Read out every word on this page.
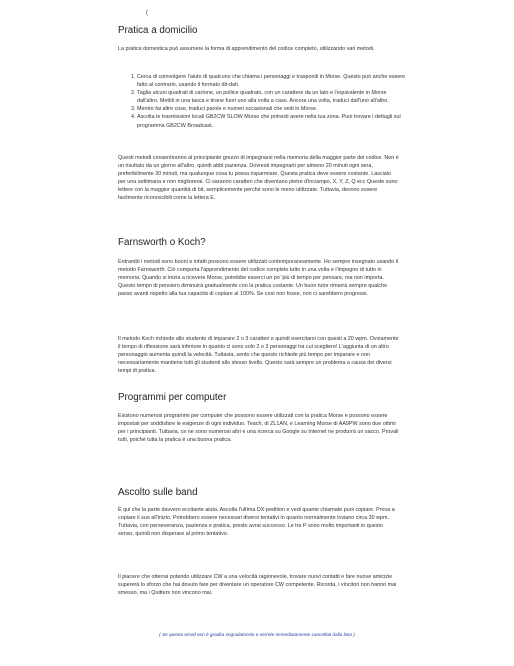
(
Pratica a domicilio

La pratica domestica può assumere la forma di apprendimento del codice completo, utilizzando vari metodi.

1. Cerca di coinvolgere l'aiuto di qualcuno che chiama i personaggi e trasponili in Morse. Questo può anche essere fatto al contrario, usando il formato dit-dah.
2. Taglia alcuni quadrati di cartone, un pollice quadrato, con un carattere da un lato e l'equivalente in Morse dall'altro. Mettili in una tasca e tirane fuori uno alla volta a caso. Ancora una volta, traduci dall'uno all'altro.
3. Mentre fai altre cose, traduci parole e numeri occasionali che vedi in Morse.
4. Ascolta le trasmissioni locali GB2CW SLOW Morse che potresti avere nella tua zona. Puoi trovare i dettagli sul programma GB2CW Broadcast.

Questi metodi consentiranno al principiante grezzo di impegnarsi nella memoria della maggior parte del codice. Non è un risultato da un giorno all'altro, quindi abbi pazienza. Dovresti impegnarti per almeno 20 minuti ogni sera, preferibilmente 30 minuti, ma qualunque cosa tu possa risparmiare. Questa pratica deve essere costante. Lascialo per una settimana e non migliorerai. Ci saranno caratteri che diventano pietre d'inciampo, X, Y, Z, Q ecc Queste sono lettere con la maggior quantità di bit, semplicemente perché sono le meno utilizzate. Tuttavia, devono essere facilmente riconoscibili come la lettera E.

Farnsworth o Koch?

Entrambi i metodi sono buoni e infatti possono essere utilizzati contemporaneamente. Ho sempre insegnato usando il metodo Farnsworth. Ciò comporta l'apprendimento del codice completo tutto in una volta e l'impegno di tutto in memoria. Quando si inizia a ricevere Morse, potrebbe esserci un po 'più di tempo per pensare, ma non importa. Questo tempo di pensiero diminuirà gradualmente con la pratica costante. Un buon tutor rimarrà sempre qualche passo avanti rispetto alla tua capacità di copiare al 100%. Se così non fosse, non ci sarebbero progressi.

Il metodo Koch richiede allo studente di imparare 2 o 3 caratteri e quindi esercitarsi con questi a 20 wpm. Ovviamente il tempo di riflessione sarà inferiore in quanto ci sono solo 2 o 3 personaggi tra cui scegliere! L'aggiunta di un altro personaggio aumenta quindi la velocità. Tuttavia, sento che questo richiede più tempo per imparare e non necessariamente mantiene tutti gli studenti allo stesso livello. Questo sarà sempre un problema a causa dei diversi tempi di pratica.

Programmi per computer

Esistono numerosi programmi per computer che possono essere utilizzati con la pratica Morse e possono essere impostati per soddisfare le esigenze di ogni individuo. Teach, di ZL1AN, e Learning Morse di AA9PW sono due ottimi per i principianti. Tuttavia, ce ne sono numerosi altri e una ricerca su Google su Internet ne produrrà un sacco. Provali tutti, poiché tutta la pratica è una buona pratica.

Ascolto sulle band

È qui che la parte davvero eccitante aiuta. Ascolta l'ultima DX-pedition e vedi quante chiamate puoi copiare. Prova a copiare il suo all'inizio. Potrebbero essere necessari diversi tentativi in quanto normalmente inviano circa 30 wpm. Tuttavia, con perseveranza, pazienza e pratica, presto avrai successo. Le tre P sono molto importanti in questo senso, quindi non disperare al primo tentativo.

Il piacere che otterrai potendo utilizzare CW a una velocità ragionevole, trovare nuovi contatti e fare nuove amicizie supererà lo sforzo che hai dovuto fare per diventare un operatore CW competente. Ricorda, i vincitori non hanno mai smesso, ma i Quitters non vincono mai.

( Se questa email non è gradita segnalatecelo e verrete immediatamente cancellati dalla lista )
